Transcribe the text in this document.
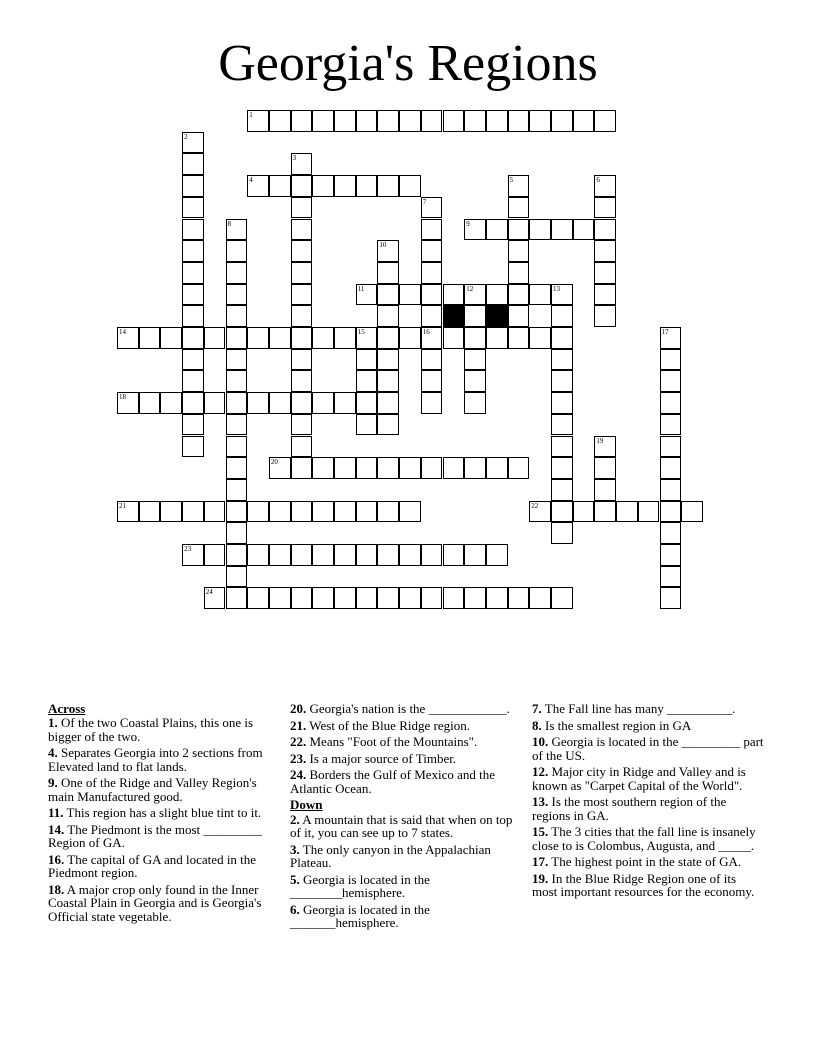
Georgia's Regions
1
4
9
11	12
14	15	16
18
20
21	22
23
24
2
3
5	6
7
8
10
13
17
19
Across
1. Of the two Coastal Plains, this one is bigger of the two.
4. Separates Georgia into 2 sections from Elevated land to flat lands.
9. One of the Ridge and Valley Region's main Manufactured good.
11. This region has a slight blue tint to it.
14. The Piedmont is the most _________ Region of GA.
16. The capital of GA and located in the Piedmont region.
18. A major crop only found in the Inner Coastal Plain in Georgia and is Georgia's Official state vegetable.
20. Georgia's nation is the ____________.
21. West of the Blue Ridge region.
22. Means "Foot of the Mountains".
23. Is a major source of Timber.
24. Borders the Gulf of Mexico and the Atlantic Ocean.
Down
2. A mountain that is said that when on top of it, you can see up to 7 states.
3. The only canyon in the Appalachian Plateau.
5. Georgia is located in the ________hemisphere.
6. Georgia is located in the _______hemisphere.
7. The Fall line has many __________.
8. Is the smallest region in GA
10. Georgia is located in the _________ part of the US.
12. Major city in Ridge and Valley and is known as "Carpet Capital of the World".
13. Is the most southern region of the regions in GA.
15. The 3 cities that the fall line is insanely close to is Colombus, Augusta, and _____.
17. The highest point in the state of GA.
19. In the Blue Ridge Region one of its most important resources for the economy.
